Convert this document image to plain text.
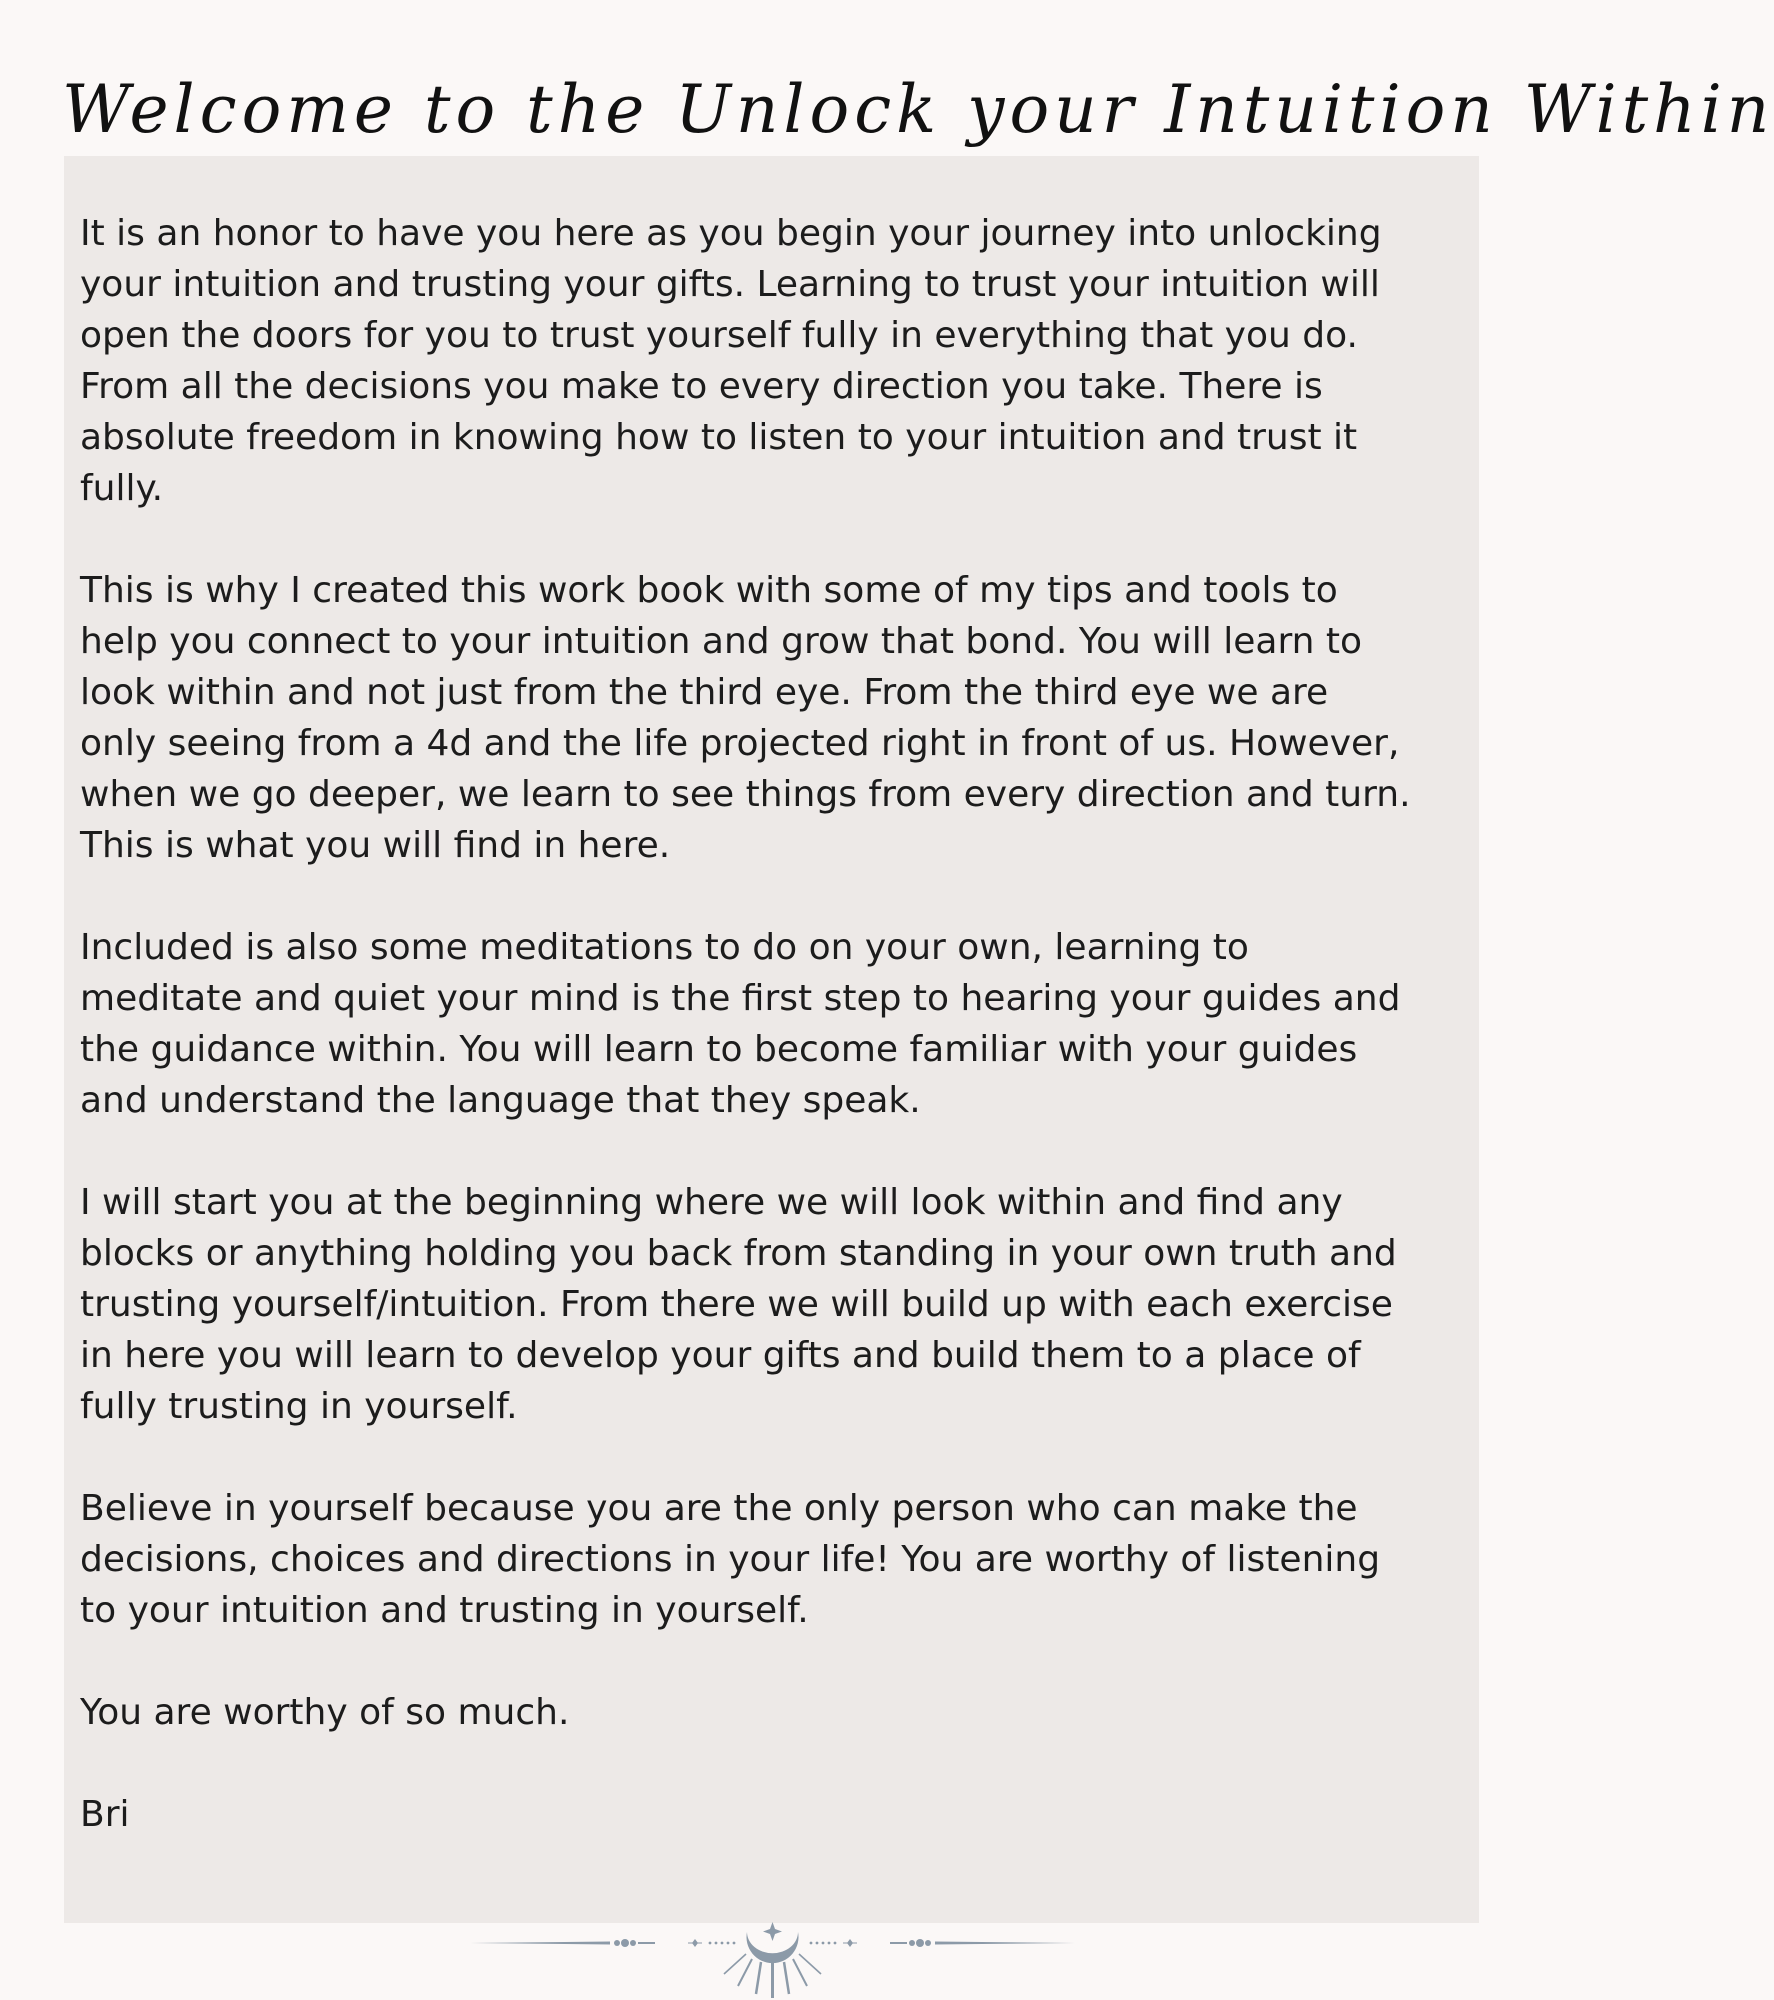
Welcome to the Unlock your Intuition Within

It is an honor to have you here as you begin your journey into unlocking
your intuition and trusting your gifts. Learning to trust your intuition will
open the doors for you to trust yourself fully in everything that you do.
From all the decisions you make to every direction you take. There is
absolute freedom in knowing how to listen to your intuition and trust it
fully.

This is why I created this work book with some of my tips and tools to
help you connect to your intuition and grow that bond. You will learn to
look within and not just from the third eye. From the third eye we are
only seeing from a 4d and the life projected right in front of us. However,
when we go deeper, we learn to see things from every direction and turn.
This is what you will find in here.

Included is also some meditations to do on your own, learning to
meditate and quiet your mind is the first step to hearing your guides and
the guidance within. You will learn to become familiar with your guides
and understand the language that they speak.

I will start you at the beginning where we will look within and find any
blocks or anything holding you back from standing in your own truth and
trusting yourself/intuition. From there we will build up with each exercise
in here you will learn to develop your gifts and build them to a place of
fully trusting in yourself.

Believe in yourself because you are the only person who can make the
decisions, choices and directions in your life! You are worthy of listening
to your intuition and trusting in yourself.

You are worthy of so much.

Bri
